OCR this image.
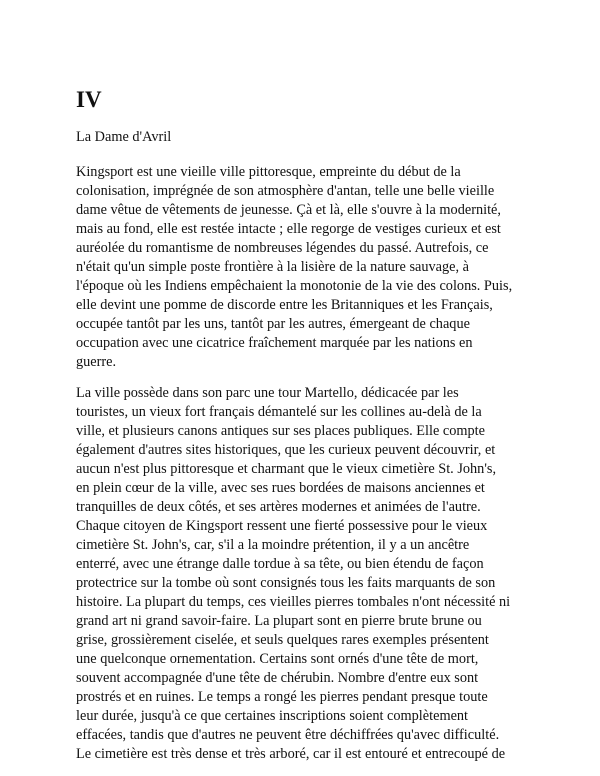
IV
La Dame d'Avril

Kingsport est une vieille ville pittoresque, empreinte du début de la
colonisation, imprégnée de son atmosphère d'antan, telle une belle vieille
dame vêtue de vêtements de jeunesse. Çà et là, elle s'ouvre à la modernité,
mais au fond, elle est restée intacte ; elle regorge de vestiges curieux et est
auréolée du romantisme de nombreuses légendes du passé. Autrefois, ce
n'était qu'un simple poste frontière à la lisière de la nature sauvage, à
l'époque où les Indiens empêchaient la monotonie de la vie des colons. Puis,
elle devint une pomme de discorde entre les Britanniques et les Français,
occupée tantôt par les uns, tantôt par les autres, émergeant de chaque
occupation avec une cicatrice fraîchement marquée par les nations en
guerre.

La ville possède dans son parc une tour Martello, dédicacée par les
touristes, un vieux fort français démantelé sur les collines au-delà de la
ville, et plusieurs canons antiques sur ses places publiques. Elle compte
également d'autres sites historiques, que les curieux peuvent découvrir, et
aucun n'est plus pittoresque et charmant que le vieux cimetière St. John's,
en plein cœur de la ville, avec ses rues bordées de maisons anciennes et
tranquilles de deux côtés, et ses artères modernes et animées de l'autre.
Chaque citoyen de Kingsport ressent une fierté possessive pour le vieux
cimetière St. John's, car, s'il a la moindre prétention, il y a un ancêtre
enterré, avec une étrange dalle tordue à sa tête, ou bien étendu de façon
protectrice sur la tombe où sont consignés tous les faits marquants de son
histoire. La plupart du temps, ces vieilles pierres tombales n'ont nécessité ni
grand art ni grand savoir-faire. La plupart sont en pierre brute brune ou
grise, grossièrement ciselée, et seuls quelques rares exemples présentent
une quelconque ornementation. Certains sont ornés d'une tête de mort,
souvent accompagnée d'une tête de chérubin. Nombre d'entre eux sont
prostrés et en ruines. Le temps a rongé les pierres pendant presque toute
leur durée, jusqu'à ce que certaines inscriptions soient complètement
effacées, tandis que d'autres ne peuvent être déchiffrées qu'avec difficulté.
Le cimetière est très dense et très arboré, car il est entouré et entrecoupé de
